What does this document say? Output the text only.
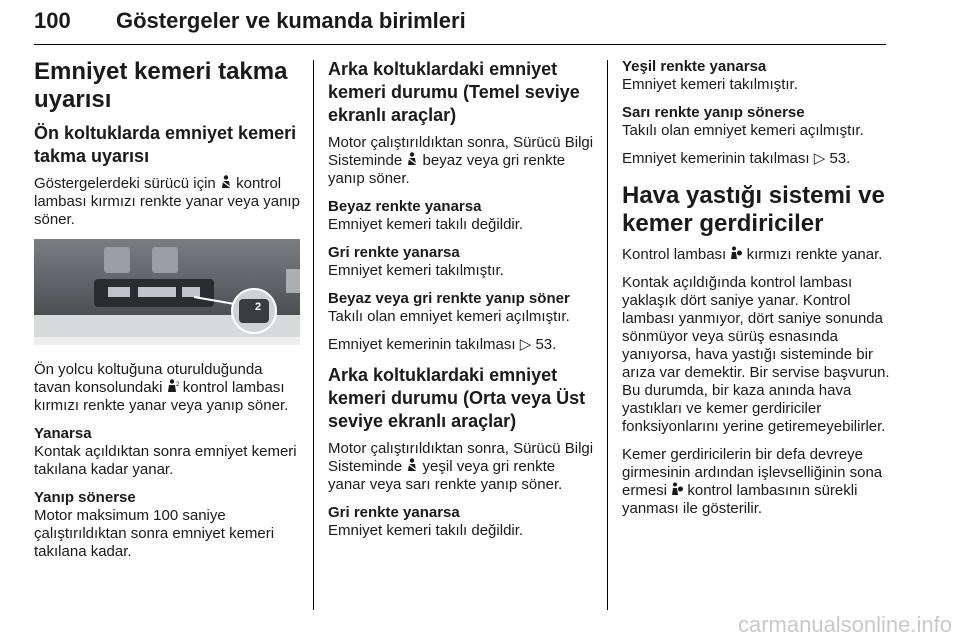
100 Göstergeler ve kumanda birimleri
Emniyet kemeri takma uyarısı
Ön koltuklarda emniyet kemeri takma uyarısı
Göstergelerdeki sürücü için kontrol lambası kırmızı renkte yanar veya yanıp söner.
2
Ön yolcu koltuğuna oturulduğunda tavan konsolundaki 2 kontrol lambası kırmızı renkte yanar veya yanıp söner.
Yanarsa
Kontak açıldıktan sonra emniyet kemeri takılana kadar yanar.
Yanıp sönerse
Motor maksimum 100 saniye çalıştırıldıktan sonra emniyet kemeri takılana kadar.
Arka koltuklardaki emniyet kemeri durumu (Temel seviye ekranlı araçlar)
Motor çalıştırıldıktan sonra, Sürücü Bilgi Sisteminde beyaz veya gri renkte yanıp söner.
Beyaz renkte yanarsa
Emniyet kemeri takılı değildir.
Gri renkte yanarsa
Emniyet kemeri takılmıştır.
Beyaz veya gri renkte yanıp söner
Takılı olan emniyet kemeri açılmıştır.
Emniyet kemerinin takılması ▷ 53.
Arka koltuklardaki emniyet kemeri durumu (Orta veya Üst seviye ekranlı araçlar)
Motor çalıştırıldıktan sonra, Sürücü Bilgi Sisteminde yeşil veya gri renkte yanar veya sarı renkte yanıp söner.
Gri renkte yanarsa
Emniyet kemeri takılı değildir.
Yeşil renkte yanarsa
Emniyet kemeri takılmıştır.
Sarı renkte yanıp sönerse
Takılı olan emniyet kemeri açılmıştır.
Emniyet kemerinin takılması ▷ 53.
Hava yastığı sistemi ve kemer gerdiriciler
Kontrol lambası kırmızı renkte yanar.
Kontak açıldığında kontrol lambası yaklaşık dört saniye yanar. Kontrol lambası yanmıyor, dört saniye sonunda sönmüyor veya sürüş esnasında yanıyorsa, hava yastığı sisteminde bir arıza var demektir. Bir servise başvurun. Bu durumda, bir kaza anında hava yastıkları ve kemer gerdiriciler fonksiyonlarını yerine getiremeyebilirler.
Kemer gerdiricilerin bir defa devreye girmesinin ardından işlevselliğinin sona ermesi kontrol lambasının sürekli yanması ile gösterilir.
carmanualsonline.info
